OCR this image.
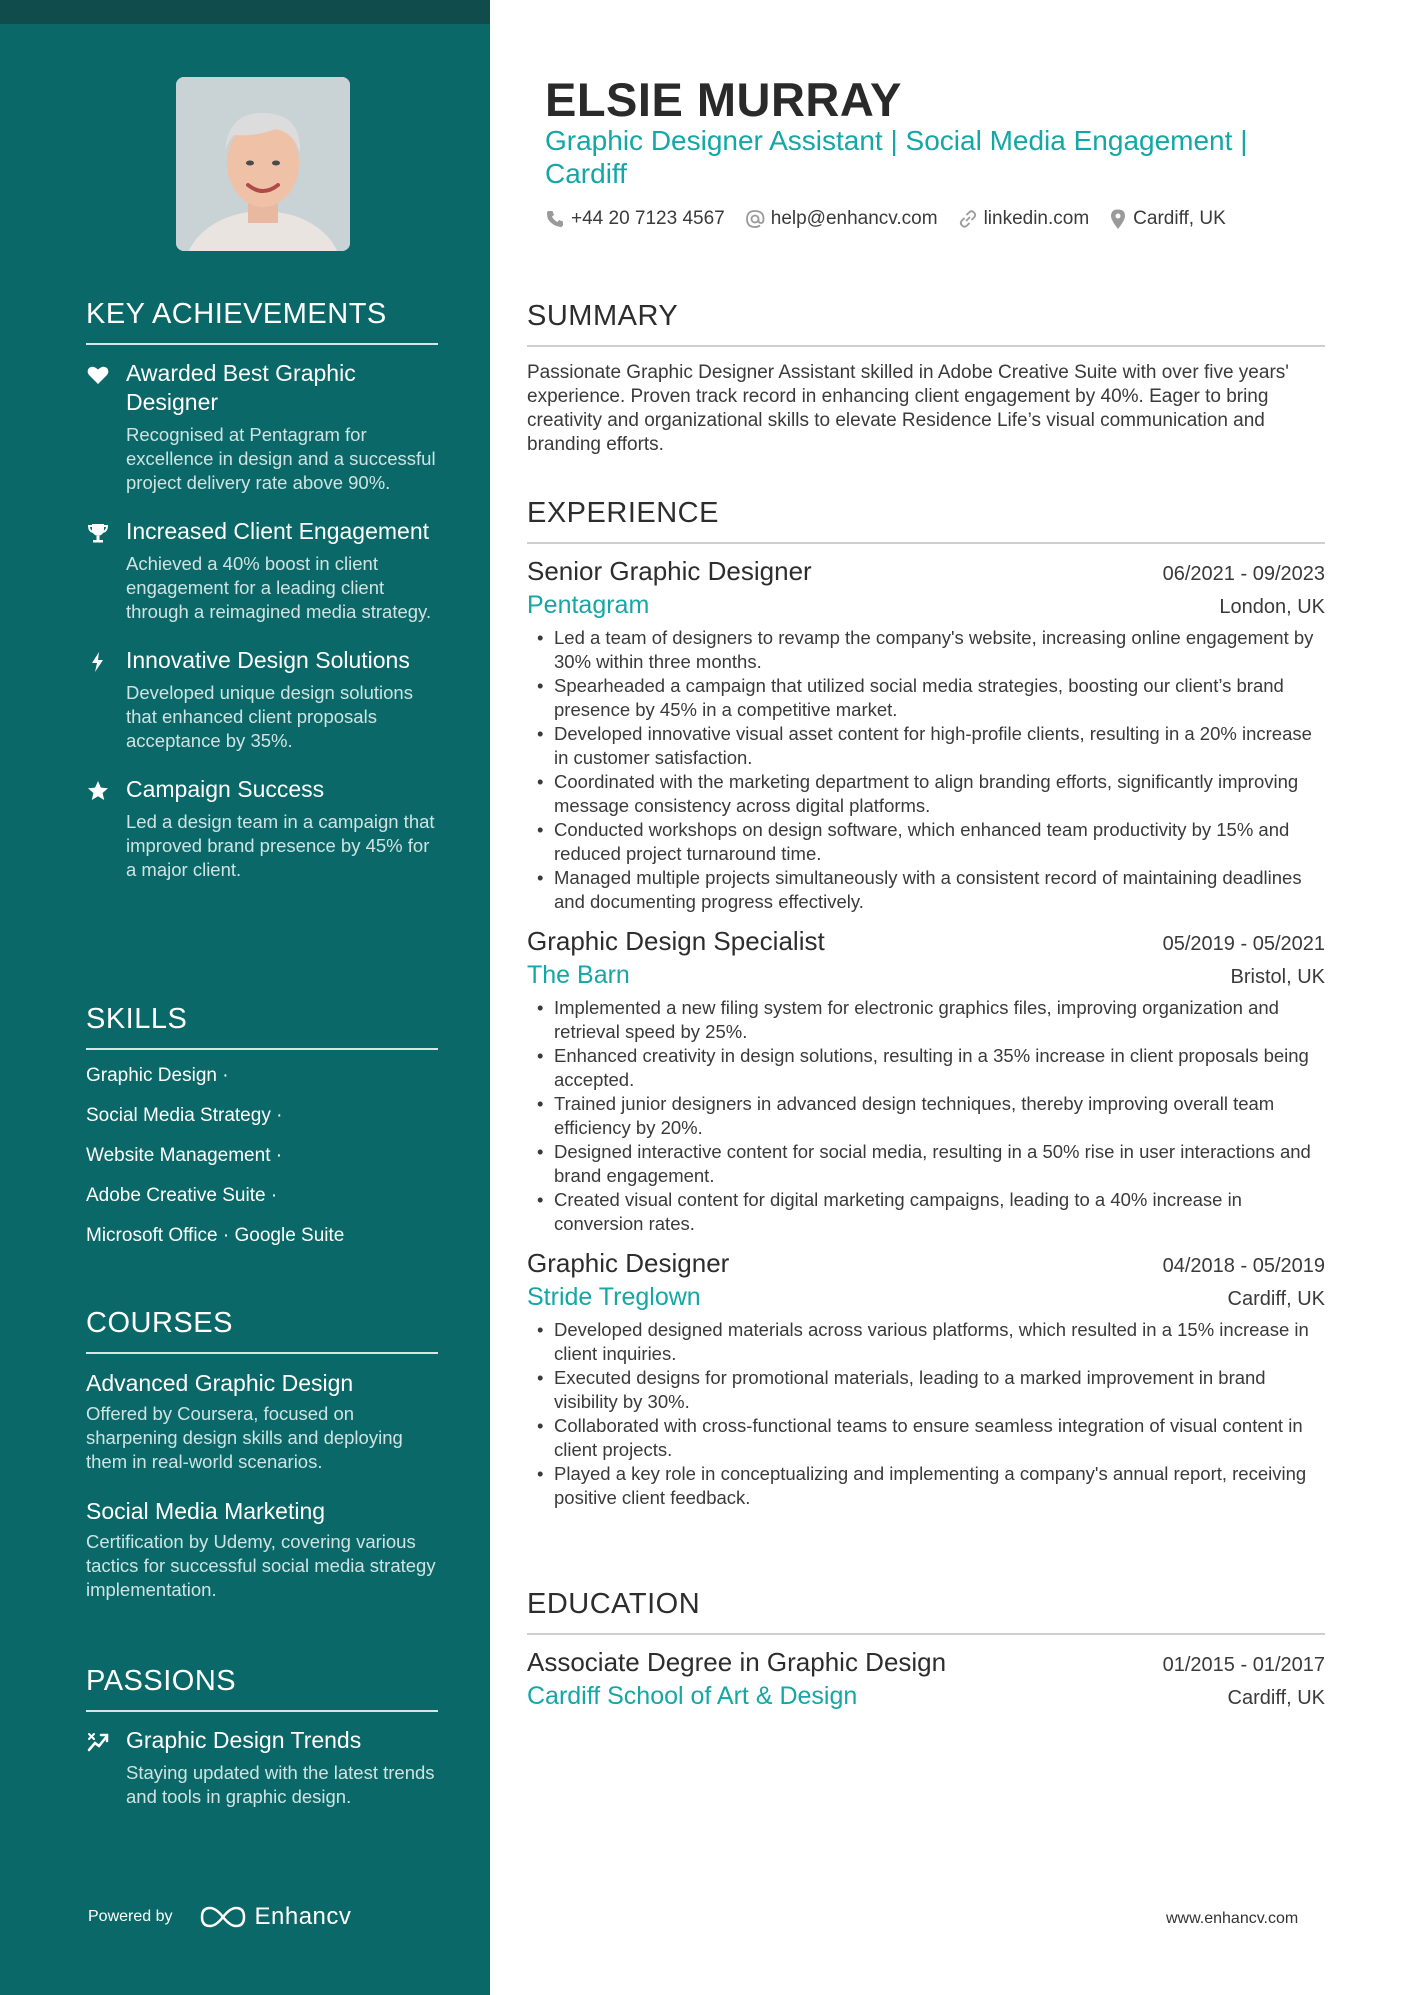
KEY ACHIEVEMENTS
Awarded Best Graphic Designer
Recognised at Pentagram for excellence in design and a successful project delivery rate above 90%.
Increased Client Engagement
Achieved a 40% boost in client engagement for a leading client through a reimagined media strategy.
Innovative Design Solutions
Developed unique design solutions that enhanced client proposals acceptance by 35%.
Campaign Success
Led a design team in a campaign that improved brand presence by 45% for a major client.
SKILLS
Graphic Design ·
Social Media Strategy ·
Website Management ·
Adobe Creative Suite ·
Microsoft Office · Google Suite
COURSES
Advanced Graphic Design
Offered by Coursera, focused on sharpening design skills and deploying them in real-world scenarios.
Social Media Marketing
Certification by Udemy, covering various tactics for successful social media strategy implementation.
PASSIONS
Graphic Design Trends
Staying updated with the latest trends and tools in graphic design.
Powered by	Enhancv
ELSIE MURRAY
Graphic Designer Assistant | Social Media Engagement | Cardiff
+44 20 7123 4567 help@enhancv.com linkedin.com Cardiff, UK
SUMMARY

Passionate Graphic Designer Assistant skilled in Adobe Creative Suite with over five years' experience. Proven track record in enhancing client engagement by 40%. Eager to bring creativity and organizational skills to elevate Residence Life’s visual communication and branding efforts.

EXPERIENCE
Senior Graphic Designer	06/2021 - 09/2023
Pentagram	London, UK
• Led a team of designers to revamp the company's website, increasing online engagement by 30% within three months.
• Spearheaded a campaign that utilized social media strategies, boosting our client’s brand presence by 45% in a competitive market.
• Developed innovative visual asset content for high-profile clients, resulting in a 20% increase in customer satisfaction.
• Coordinated with the marketing department to align branding efforts, significantly improving message consistency across digital platforms.
• Conducted workshops on design software, which enhanced team productivity by 15% and reduced project turnaround time.
• Managed multiple projects simultaneously with a consistent record of maintaining deadlines and documenting progress effectively.
Graphic Design Specialist	05/2019 - 05/2021
The Barn	Bristol, UK
• Implemented a new filing system for electronic graphics files, improving organization and retrieval speed by 25%.
• Enhanced creativity in design solutions, resulting in a 35% increase in client proposals being accepted.
• Trained junior designers in advanced design techniques, thereby improving overall team efficiency by 20%.
• Designed interactive content for social media, resulting in a 50% rise in user interactions and brand engagement.
• Created visual content for digital marketing campaigns, leading to a 40% increase in conversion rates.
Graphic Designer	04/2018 - 05/2019
Stride Treglown	Cardiff, UK
• Developed designed materials across various platforms, which resulted in a 15% increase in client inquiries.
• Executed designs for promotional materials, leading to a marked improvement in brand visibility by 30%.
• Collaborated with cross-functional teams to ensure seamless integration of visual content in client projects.
• Played a key role in conceptualizing and implementing a company's annual report, receiving positive client feedback.
EDUCATION
Associate Degree in Graphic Design	01/2015 - 01/2017
Cardiff School of Art & Design	Cardiff, UK
www.enhancv.com
